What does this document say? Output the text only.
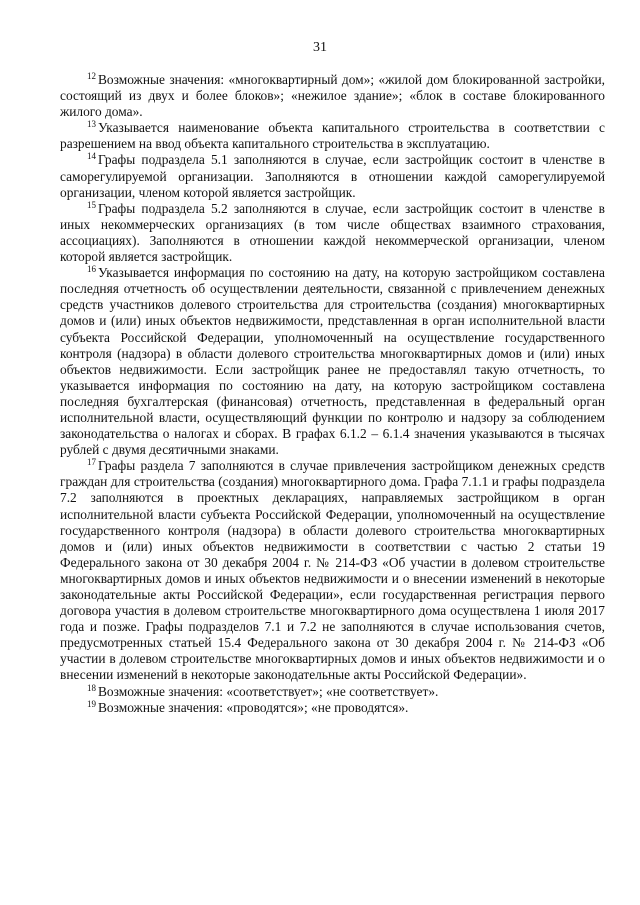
31

$^{12}$ Возможные значения: «многоквартирный дом»; «жилой дом блокированной застройки, состоящий из двух и более блоков»; «нежилое здание»; «блок в составе блокированного жилого дома».

$^{13}$ Указывается наименование объекта капитального строительства в соответствии с разрешением на ввод объекта капитального строительства в эксплуатацию.

$^{14}$ Графы подраздела 5.1 заполняются в случае, если застройщик состоит в членстве в саморегулируемой организации. Заполняются в отношении каждой саморегулируемой организации, членом которой является застройщик.

$^{15}$ Графы подраздела 5.2 заполняются в случае, если застройщик состоит в членстве в иных некоммерческих организациях (в том числе обществах взаимного страхования, ассоциациях). Заполняются в отношении каждой некоммерческой организации, членом которой является застройщик.

$^{16}$ Указывается информация по состоянию на дату, на которую застройщиком составлена последняя отчетность об осуществлении деятельности, связанной с привлечением денежных средств участников долевого строительства для строительства (создания) многоквартирных домов и (или) иных объектов недвижимости, представленная в орган исполнительной власти субъекта Российской Федерации, уполномоченный на осуществление государственного контроля (надзора) в области долевого строительства многоквартирных домов и (или) иных объектов недвижимости. Если застройщик ранее не предоставлял такую отчетность, то указывается информация по состоянию на дату, на которую застройщиком составлена последняя бухгалтерская (финансовая) отчетность, представленная в федеральный орган исполнительной власти, осуществляющий функции по контролю и надзору за соблюдением законодательства о налогах и сборах. В графах 6.1.2 – 6.1.4 значения указываются в тысячах рублей с двумя десятичными знаками.

$^{17}$ Графы раздела 7 заполняются в случае привлечения застройщиком денежных средств граждан для строительства (создания) многоквартирного дома. Графа 7.1.1 и графы подраздела 7.2 заполняются в проектных декларациях, направляемых застройщиком в орган исполнительной власти субъекта Российской Федерации, уполномоченный на осуществление государственного контроля (надзора) в области долевого строительства многоквартирных домов и (или) иных объектов недвижимости в соответствии с частью 2 статьи 19 Федерального закона от 30 декабря 2004 г. № 214-ФЗ «Об участии в долевом строительстве многоквартирных домов и иных объектов недвижимости и о внесении изменений в некоторые законодательные акты Российской Федерации», если государственная регистрация первого договора участия в долевом строительстве многоквартирного дома осуществлена 1 июля 2017 года и позже. Графы подразделов 7.1 и 7.2 не заполняются в случае использования счетов, предусмотренных статьей 15.4 Федерального закона от 30 декабря 2004 г. № 214-ФЗ «Об участии в долевом строительстве многоквартирных домов и иных объектов недвижимости и о внесении изменений в некоторые законодательные акты Российской Федерации».

$^{18}$ Возможные значения: «соответствует»; «не соответствует».

$^{19}$ Возможные значения: «проводятся»; «не проводятся».
